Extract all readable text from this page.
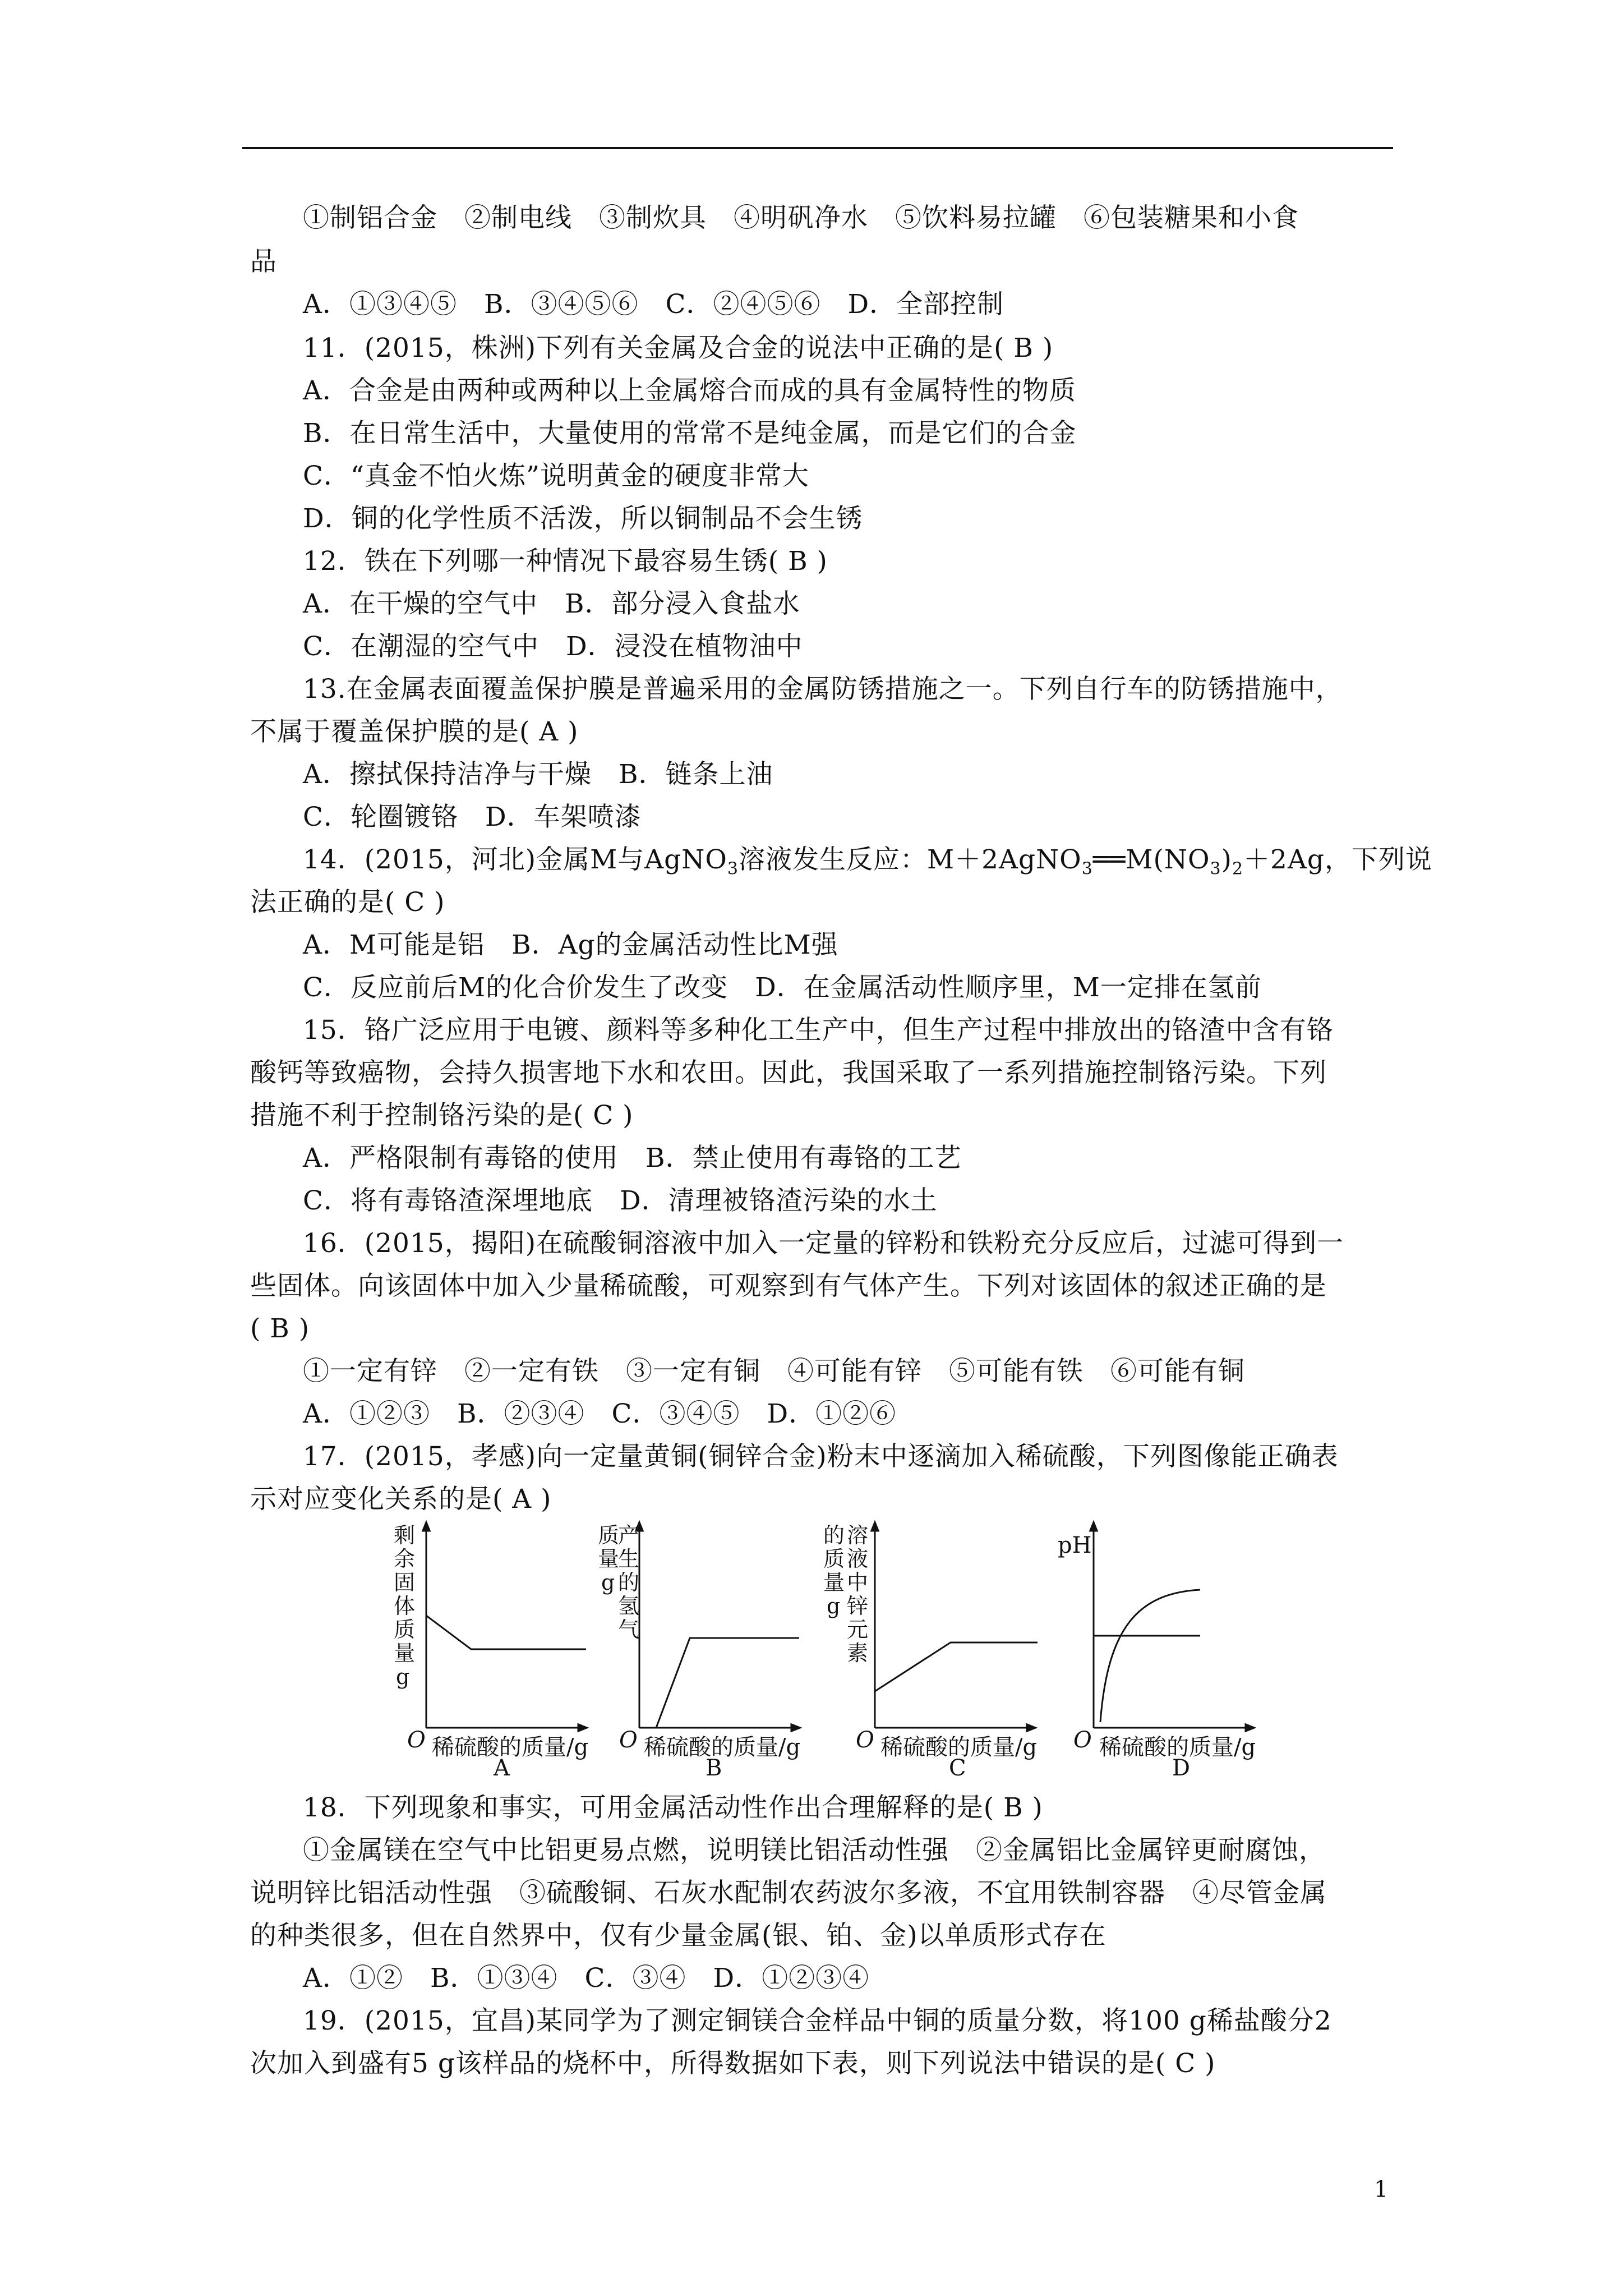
①制铝合金　②制电线　③制炊具　④明矾净水　⑤饮料易拉罐　⑥包装糖果和小食
品
A．①③④⑤　B．③④⑤⑥　C．②④⑤⑥　D．全部控制
11．(2015，株洲)下列有关金属及合金的说法中正确的是( B )
A．合金是由两种或两种以上金属熔合而成的具有金属特性的物质
B．在日常生活中，大量使用的常常不是纯金属，而是它们的合金
C．“真金不怕火炼”说明黄金的硬度非常大
D．铜的化学性质不活泼，所以铜制品不会生锈
12．铁在下列哪一种情况下最容易生锈( B )
A．在干燥的空气中　B．部分浸入食盐水
C．在潮湿的空气中　D．浸没在植物油中
13.在金属表面覆盖保护膜是普遍采用的金属防锈措施之一。下列自行车的防锈措施中，
不属于覆盖保护膜的是( A )
A．擦拭保持洁净与干燥　B．链条上油
C．轮圈镀铬　D．车架喷漆
14．(2015，河北)金属M与AgNO$_3$溶液发生反应：$M+2AgNO_3══M(NO_3)_2+2Ag$，下列说
法正确的是( C )
A．M可能是铝　B．Ag的金属活动性比M强
C．反应前后M的化合价发生了改变　D．在金属活动性顺序里，M一定排在氢前
15．铬广泛应用于电镀、颜料等多种化工生产中，但生产过程中排放出的铬渣中含有铬
酸钙等致癌物，会持久损害地下水和农田。因此，我国采取了一系列措施控制铬污染。下列
措施不利于控制铬污染的是( C )
A．严格限制有毒铬的使用　B．禁止使用有毒铬的工艺
C．将有毒铬渣深埋地底　D．清理被铬渣污染的水土
16．(2015，揭阳)在硫酸铜溶液中加入一定量的锌粉和铁粉充分反应后，过滤可得到一
些固体。向该固体中加入少量稀硫酸，可观察到有气体产生。下列对该固体的叙述正确的是
( B )
①一定有锌　②一定有铁　③一定有铜　④可能有锌　⑤可能有铁　⑥可能有铜
A．①②③　B．②③④　C．③④⑤　D．①②⑥
17．(2015，孝感)向一定量黄铜(铜锌合金)粉末中逐滴加入稀硫酸，下列图像能正确表
示对应变化关系的是( A )
18．下列现象和事实，可用金属活动性作出合理解释的是( B )
①金属镁在空气中比铝更易点燃，说明镁比铝活动性强　②金属铝比金属锌更耐腐蚀，
说明锌比铝活动性强　③硫酸铜、石灰水配制农药波尔多液，不宜用铁制容器　④尽管金属
的种类很多，但在自然界中，仅有少量金属(银、铂、金)以单质形式存在
A．①②　B．①③④　C．③④　D．①②③④
19．(2015，宜昌)某同学为了测定铜镁合金样品中铜的质量分数，将100 g稀盐酸分2
次加入到盛有5 g该样品的烧杯中，所得数据如下表，则下列说法中错误的是( C )
剩
余
固
体
质
量
g
O 稀硫酸的质量/g
A
质
量
g
产
生
的
氢
气
O 稀硫酸的质量/g
B
的
质
量
g
溶
液
中
锌
元
素
O 稀硫酸的质量/g
C
pH
O 稀硫酸的质量/g
D
1
